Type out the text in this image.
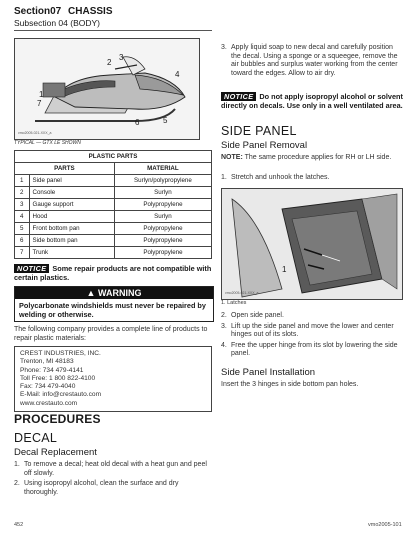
Section07 CHASSIS
Subsection 04 (BODY)
2
3
4
1
7
6	5
vmo2005-021-XXX_a
TYPICAL — GTX LE SHOWN
PLASTIC PARTS		
PARTS		MATERIAL
1	Side panel	Surlyn/polypropylene
2	Console	Surlyn
3	Gauge support	Polypropylene
4	Hood	Surlyn
5	Front bottom pan	Polypropylene
6	Side bottom pan	Polypropylene
7	Trunk	Polypropylene
NOTICE Some repair products are not compatible with certain plastics.
▲ WARNING
Polycarbonate windshields must never be repaired by welding or otherwise.
The following company provides a complete line of products to repair plastic materials:
CREST INDUSTRIES, INC.
Trenton, MI 48183
Phone: 734 479-4141
Toll Free: 1 800 822-4100
Fax: 734 479-4040
E-Mail: info@crestauto.com
www.crestauto.com
PROCEDURES
DECAL
Decal Replacement
1. To remove a decal; heat old decal with a heat gun and peel off slowly.
2. Using isopropyl alcohol, clean the surface and dry thoroughly.
452
3. Apply liquid soap to new decal and carefully position the decal. Using a sponge or a squeegee, remove the air bubbles and surplus water working from the center toward the edges. Allow to air dry.
NOTICE Do not apply isopropyl alcohol or solvent directly on decals. Use only in a well ventilated area.
SIDE PANEL
Side Panel Removal
NOTE: The same procedure applies for RH or LH side.
1. Stretch and unhook the latches.
1
vmo2005-021-XXX_a
1. Latches
2. Open side panel.
3. Lift up the side panel and move the lower and center hinges out of its slots.
4. Free the upper hinge from its slot by lowering the side panel.
Side Panel Installation
Insert the 3 hinges in side bottom pan holes.
vmo2005-101
